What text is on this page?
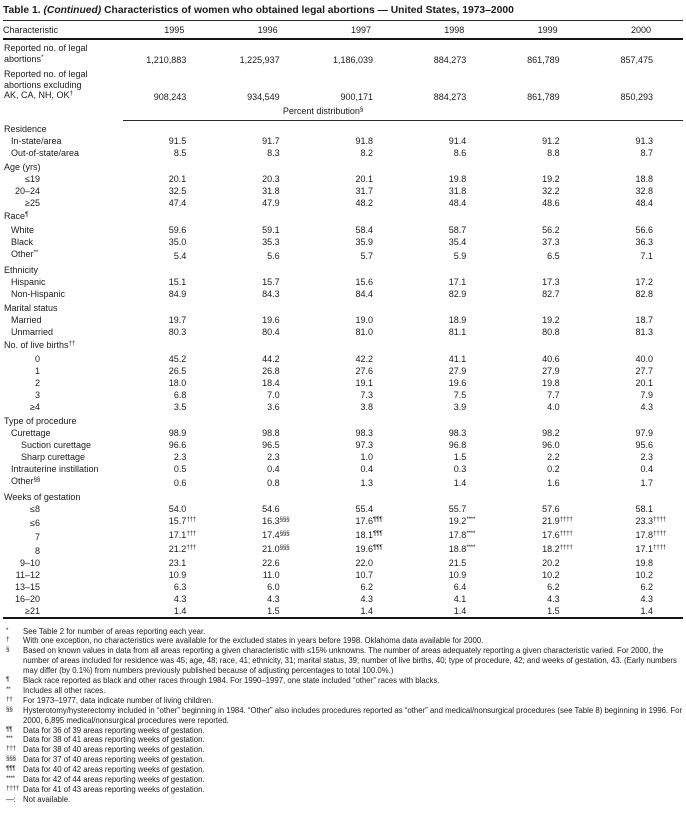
Table 1. (Continued) Characteristics of women who obtained legal abortions — United States, 1973–2000
Characteristic	1995	1996	1997	1998	1999	2000

Reported no. of legal
abortions*	1,210,883	1,225,937	1,186,039	884,273	861,789	857,475

Reported no. of legal
abortions excluding
AK, CA, NH, OK†	908,243	934,549	900,171	884,273	861,789	850,293
	Percent distribution§
Residence						
In-state/area	91.5	91.7	91.8	91.4	91.2	91.3
Out-of-state/area	8.5	8.3	8.2	8.6	8.8	8.7
Age (yrs)						
≤19	20.1	20.3	20.1	19.8	19.2	18.8
20–24	32.5	31.8	31.7	31.8	32.2	32.8
≥25	47.4	47.9	48.2	48.4	48.6	48.4
Race¶
White	59.6	59.1	58.4	58.7	56.2	56.6
Black	35.0	35.3	35.9	35.4	37.3	36.3
Other**	5.4	5.6	5.7	5.9	6.5	7.1
Ethnicity						
Hispanic	15.1	15.7	15.6	17.1	17.3	17.2
Non-Hispanic	84.9	84.3	84.4	82.9	82.7	82.8
Marital status						
Married	19.7	19.6	19.0	18.9	19.2	18.7
Unmarried	80.3	80.4	81.0	81.1	80.8	81.3
No. of live births††
0	45.2	44.2	42.2	41.1	40.6	40.0
1	26.5	26.8	27.6	27.9	27.9	27.7
2	18.0	18.4	19.1	19.6	19.8	20.1
3	6.8	7.0	7.3	7.5	7.7	7.9
≥4	3.5	3.6	3.8	3.9	4.0	4.3
Type of procedure						
Curettage	98.9	98.8	98.3	98.3	98.2	97.9
Suction curettage	96.6	96.5	97.3	96.8	96.0	95.6
Sharp curettage	2.3	2.3	1.0	1.5	2.2	2.3
Intrauterine instillation	0.5	0.4	0.4	0.3	0.2	0.4
Other§§	0.6	0.8	1.3	1.4	1.6	1.7
Weeks of gestation						
≤8	54.0	54.6	55.4	55.7	57.6	58.1
≤6	15.7†††	16.3§§§	17.6¶¶¶	19.2****	21.9††††	23.3††††
7	17.1†††	17.4§§§	18.1¶¶¶	17.8****	17.6††††	17.8††††
8	21.2†††	21.0§§§	19.6¶¶¶	18.8****	18.2††††	17.1††††
9–10	23.1	22.6	22.0	21.5	20.2	19.8
11–12	10.9	11.0	10.7	10.9	10.2	10.2
13–15	6.3	6.0	6.2	6.4	6.2	6.2
16–20	4.3	4.3	4.3	4.1	4.3	4.3
≥21	1.4	1.5	1.4	1.4	1.5	1.4

* See Table 2 for number of areas reporting each year.
† With one exception, no characteristics were available for the excluded states in years before 1998. Oklahoma data available for 2000.
§ Based on known values in data from all areas reporting a given characteristic with ≤15% unknowns. The number of areas adequately reporting a given characteristic varied. For 2000, the number of areas included for residence was 45; age, 48; race, 41; ethnicity, 31; marital status, 39; number of live births, 40; type of procedure, 42; and weeks of gestation, 43. (Early numbers may differ (by 0.1%) from numbers previously published because of adjusting percentages to total 100.0%.)
¶ Black race reported as black and other races through 1984. For 1990–1997, one state included “other” races with blacks.
** Includes all other races.
†† For 1973–1977, data indicate number of living children.
§§ Hysterotomy/hysterectomy included in “other” beginning in 1984. “Other” also includes procedures reported as “other” and medical/nonsurgical procedures (see Table 8) beginning in 1996. For 2000, 6,895 medical/nonsurgical procedures were reported.
¶¶ Data for 36 of 39 areas reporting weeks of gestation.
*** Data for 38 of 41 areas reporting weeks of gestation.
††† Data for 38 of 40 areas reporting weeks of gestation.
§§§ Data for 37 of 40 areas reporting weeks of gestation.
¶¶¶ Data for 40 of 42 areas reporting weeks of gestation.
**** Data for 42 of 44 areas reporting weeks of gestation.
†††† Data for 41 of 43 areas reporting weeks of gestation.
—: Not available.
